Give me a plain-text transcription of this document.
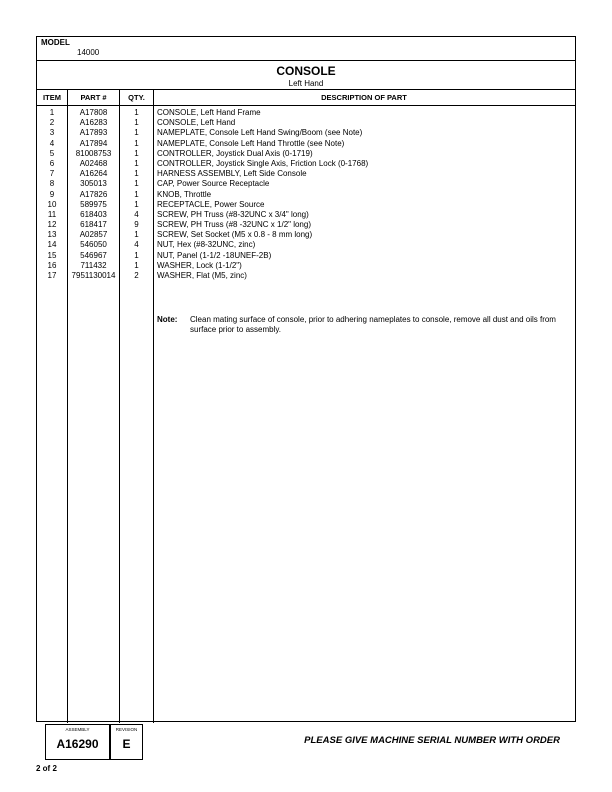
MODEL
14000
CONSOLE
Left Hand
ITEM	PART #	QTY.	DESCRIPTION OF PART
1	A17808	1	CONSOLE, Left Hand Frame
2	A16283	1	CONSOLE, Left Hand
3	A17893	1	NAMEPLATE, Console Left Hand Swing/Boom (see Note)
4	A17894	1	NAMEPLATE, Console Left Hand Throttle (see Note)
5	81008753	1	CONTROLLER, Joystick Dual Axis (0-1719)
6	A02468	1	CONTROLLER, Joystick Single Axis, Friction Lock (0-1768)
7	A16264	1	HARNESS ASSEMBLY, Left Side Console
8	305013	1	CAP, Power Source Receptacle
9	A17826	1	KNOB, Throttle
10	589975	1	RECEPTACLE, Power Source
11	618403	4	SCREW, PH Truss (#8-32UNC x 3/4" long)
12	618417	9	SCREW, PH Truss (#8 -32UNC x 1/2" long)
13	A02857	1	SCREW, Set Socket (M5 x 0.8 - 8 mm long)
14	546050	4	NUT, Hex (#8-32UNC, zinc)
15	546967	1	NUT, Panel (1-1/2 -18UNEF-2B)
16	711432	1	WASHER, Lock (1-1/2")
17	7951130014	2	WASHER, Flat (M5, zinc)
Note: Clean mating surface of console, prior to adhering nameplates to console, remove all dust and oils from surface prior to assembly.
ASSEMBLY
A16290
REVISION
E	PLEASE GIVE MACHINE SERIAL NUMBER WITH ORDER
2 of 2
